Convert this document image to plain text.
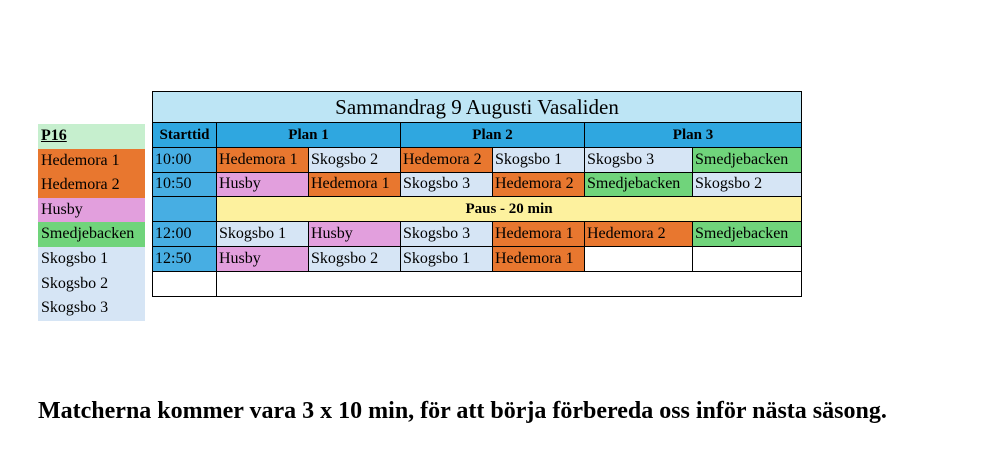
P16
Hedemora 1
Hedemora 2
Husby
Smedjebacken
Skogsbo 1
Skogsbo 2
Skogsbo 3
Sammandrag 9 Augusti Vasaliden						
Starttid	Plan 1		Plan 2		Plan 3	
10:00	Hedemora 1	Skogsbo 2	Hedemora 2	Skogsbo 1	Skogsbo 3	Smedjebacken
10:50	Husby	Hedemora 1	Skogsbo 3	Hedemora 2	Smedjebacken	Skogsbo 2
	Paus - 20 min					
12:00	Skogsbo 1	Husby	Skogsbo 3	Hedemora 1	Hedemora 2	Smedjebacken
12:50	Husby	Skogsbo 2	Skogsbo 1	Hedemora 1		

Matcherna kommer vara 3 x 10 min, för att börja förbereda oss inför nästa säsong.
